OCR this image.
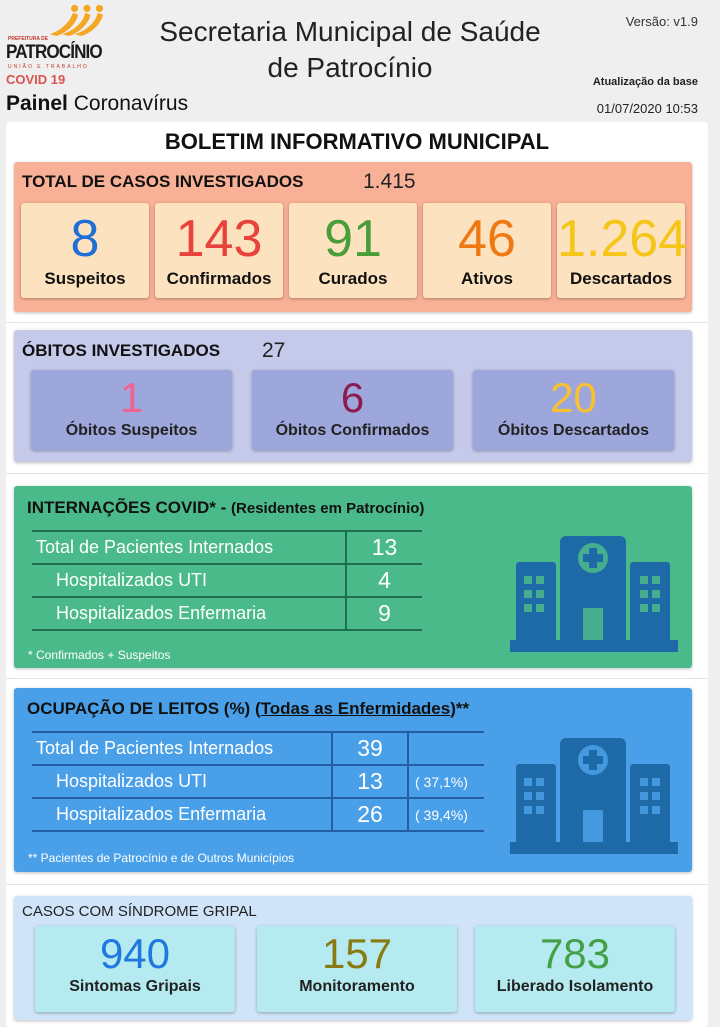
PREFEITURA DE
PATROCÍNIO
UNIÃO E TRABALHO
COVID 19
Painel Coronavírus
Secretaria Municipal de Saúde
de Patrocínio
Versão: v1.9
Atualização da base
01/07/2020 10:53
BOLETIM INFORMATIVO MUNICIPAL
TOTAL DE CASOS INVESTIGADOS	1.415
8
Suspeitos
143
Confirmados
91
Curados
46
Ativos
1.264
Descartados
ÓBITOS INVESTIGADOS 27
1
Óbitos Suspeitos
6
Óbitos Confirmados
20
Óbitos Descartados
INTERNAÇÕES COVID* - (Residentes em Patrocínio)
Total de Pacientes Internados	13
Hospitalizados UTI	4
Hospitalizados Enfermaria	9
* Confirmados + Suspeitos
OCUPAÇÃO DE LEITOS (%) (Todas as Enfermidades)**
Total de Pacientes Internados	39	
Hospitalizados UTI	13	( 37,1%)
Hospitalizados Enfermaria	26	( 39,4%)
** Pacientes de Patrocínio e de Outros Municípios
CASOS COM SÍNDROME GRIPAL
940
Sintomas Gripais
157
Monitoramento
783
Liberado Isolamento
